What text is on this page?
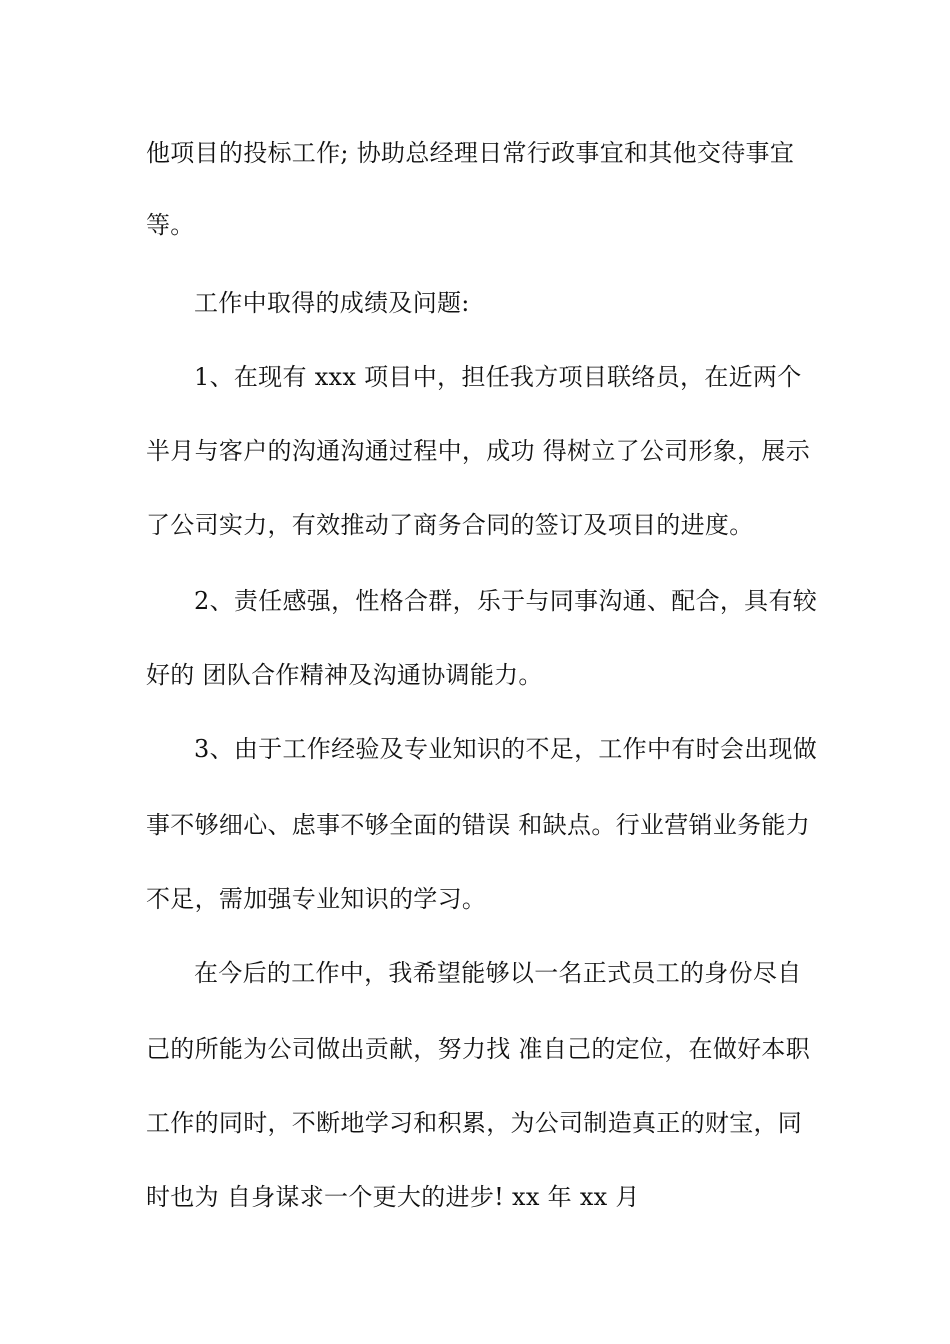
他项目的投标工作; 协助总经理日常行政事宜和其他交待事宜
等。
工作中取得的成绩及问题:
1、在现有 xxx 项目中，担任我方项目联络员，在近两个
半月与客户的沟通沟通过程中，成功 得树立了公司形象，展示
了公司实力，有效推动了商务合同的签订及项目的进度。
2、责任感强，性格合群，乐于与同事沟通、配合，具有较
好的 团队合作精神及沟通协调能力。
3、由于工作经验及专业知识的不足，工作中有时会出现做
事不够细心、虑事不够全面的错误 和缺点。行业营销业务能力
不足，需加强专业知识的学习。
在今后的工作中，我希望能够以一名正式员工的身份尽自
己的所能为公司做出贡献，努力找 准自己的定位，在做好本职
工作的同时，不断地学习和积累，为公司制造真正的财宝，同
时也为 自身谋求一个更大的进步! xx 年 xx 月
